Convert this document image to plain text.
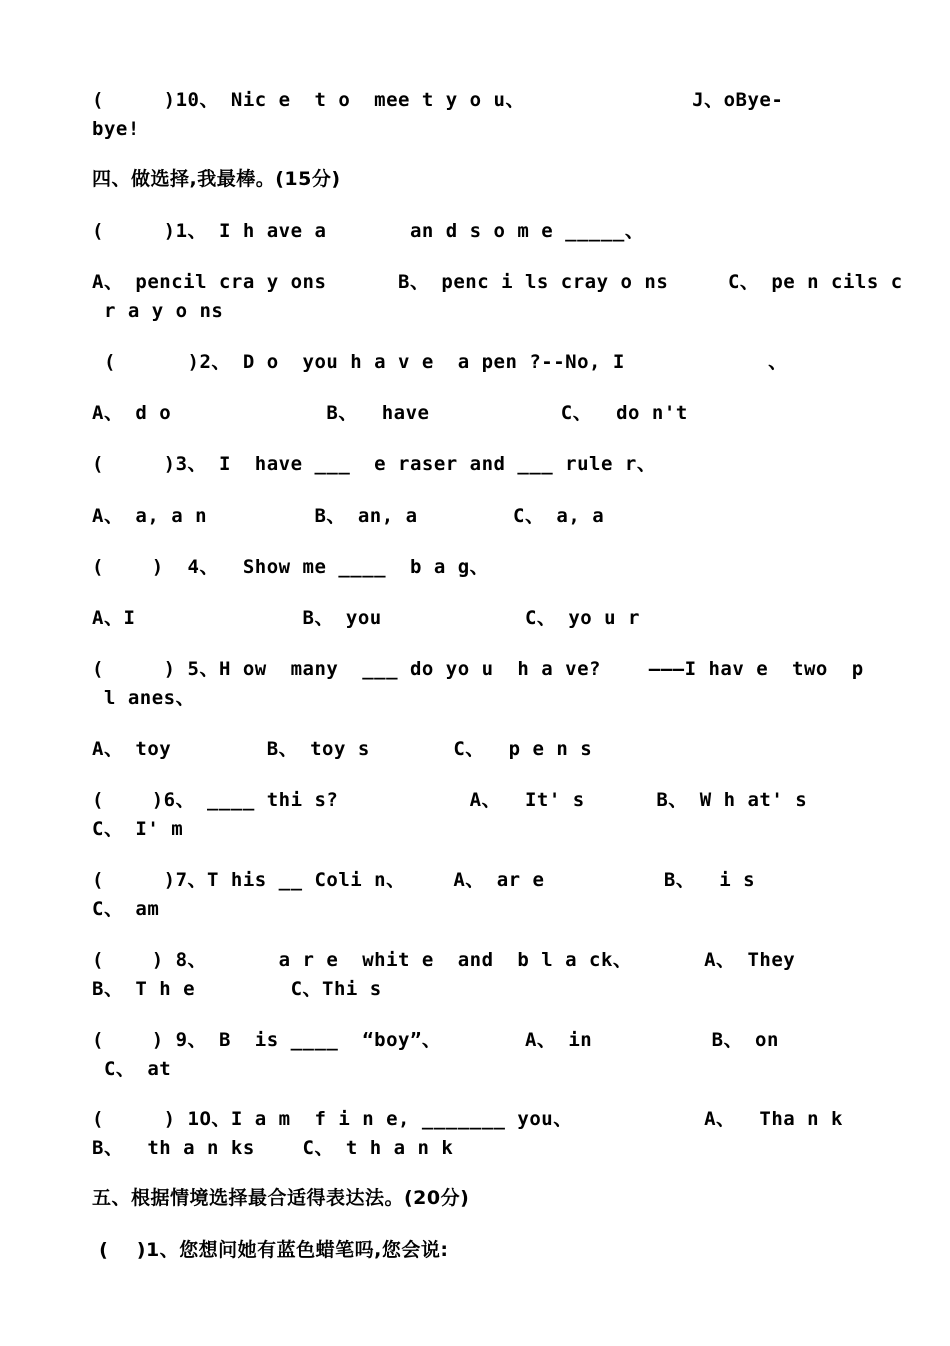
(     )10、 Nic e  t o  mee t y o u、              J、oBye-
bye!
四、做选择,我最棒。(15分)
(     )1、 I h ave a       an d s o m e _____、
A、 pencil cra y ons      B、 penc i ls cray o ns     C、 pe n cils c
r a y o ns
(      )2、 D o  you h a v e  a pen ?--No, I            、
A、 d o             B、  have           C、  do n't
(     )3、 I  have ___  e raser and ___ rule r、
A、 a, a n         B、 an, a        C、 a, a
(    )  4、  Show me ____  b a g、
A、I              B、 you            C、 yo u r
(     ) 5、H ow  many  ___ do yo u  h a ve?    ———I hav e  two  p
l anes、
A、 toy        B、 toy s       C、  p e n s
(    )6、 ____ thi s?           A、  It' s      B、 W h at' s
C、 I' m
(     )7、T his __ Coli n、    A、 ar e          B、  i s
C、 am
(    ) 8、      a r e  whit e  and  b l a ck、      A、 They
B、 T h e        C、Thi s
(    ) 9、 B  is ____  “boy”、       A、 in          B、 on
C、 at
(     ) 1O、I a m  f i n e, _______ you、           A、  Tha n k
B、  th a n ks    C、 t h a n k
五、根据情境选择最合适得表达法。(20分)
(    )1、您想问她有蓝色蜡笔吗,您会说:
